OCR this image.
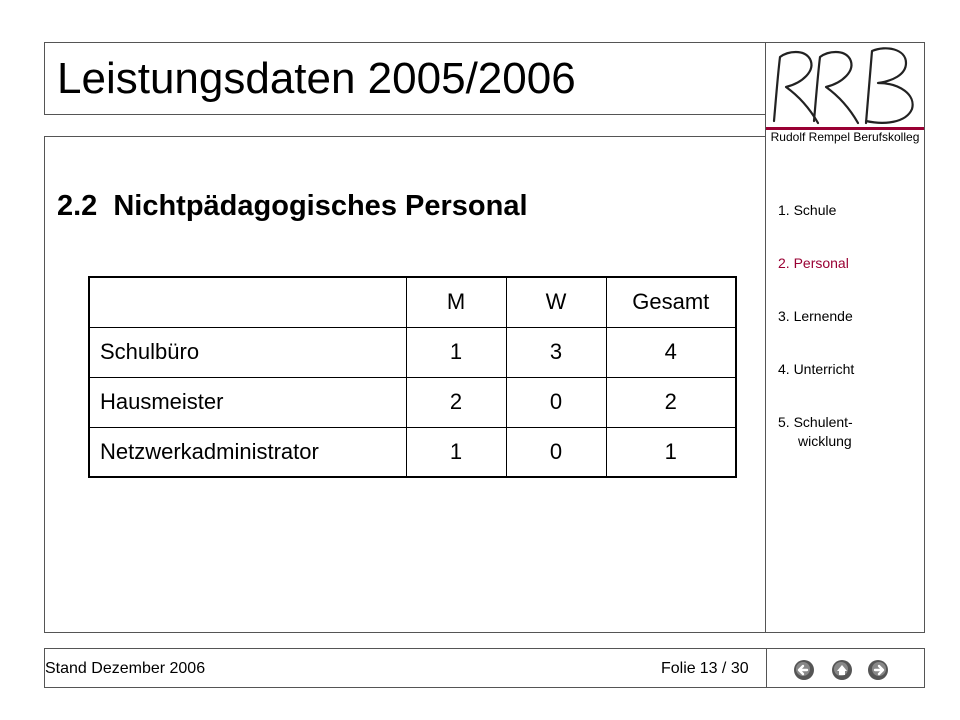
Leistungsdaten 2005/2006
Rudolf Rempel Berufskolleg
1. Schule
2. Personal
3. Lernende
4. Unterricht
5. Schulent-
wicklung
2.2 Nichtpädagogisches Personal
	M	W	Gesamt
Schulbüro	1	3	4
Hausmeister	2	0	2
Netzwerkadministrator	1	0	1
Stand Dezember 2006	Folie 13 / 30
